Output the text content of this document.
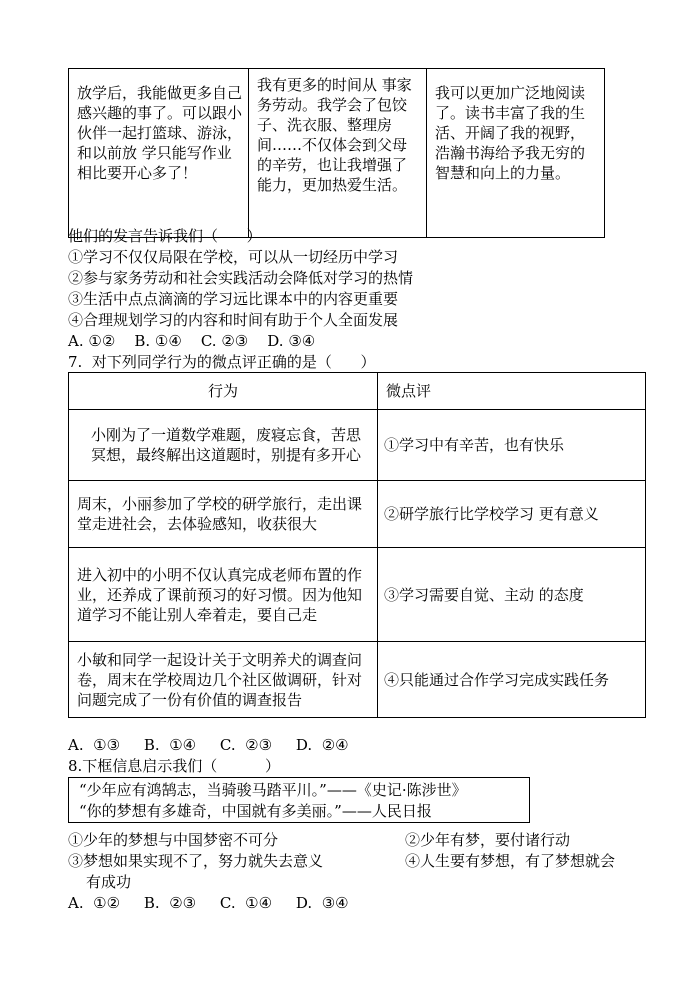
放学后，我能做更多自己感兴趣的事了。可以跟小伙伴一起打篮球、游泳，和以前放 学只能写作业相比要开心多了！	我有更多的时间从 事家务劳动。我学会了包饺子、洗衣服、整理房间……不仅体会到父母的辛劳，也让我增强了能力，更加热爱生活。	我可以更加广泛地阅读了。读书丰富了我的生活、开阔了我的视野，浩瀚书海给予我无穷的智慧和向上的力量。
他们的发言告诉我们（      ）
①学习不仅仅局限在学校，可以从一切经历中学习
②参与家务劳动和社会实践活动会降低对学习的热情
③生活中点点滴滴的学习远比课本中的内容更重要
④合理规划学习的内容和时间有助于个人全面发展
A. ①②    B. ①④    C. ②③    D. ③④
7.  对下列同学行为的微点评正确的是（      ）
行为	微点评
小刚为了一道数学难题，废寝忘食，苦思冥想，最终解出这道题时，别提有多开心	①学习中有辛苦，也有快乐
周末，小丽参加了学校的研学旅行，走出课堂走进社会，去体验感知，收获很大	②研学旅行比学校学习 更有意义
进入初中的小明不仅认真完成老师布置的作业，还养成了课前预习的好习惯。因为他知道学习不能让别人牵着走，要自己走	③学习需要自觉、主动 的态度
小敏和同学一起设计关于文明养犬的调查问卷，周末在学校周边几个社区做调研，针对问题完成了一份有价值的调查报告	④只能通过合作学习完成实践任务
A.  ①③     B.  ①④     C.  ②③     D.  ②④
8.下框信息启示我们（          ）
“少年应有鸿鹄志，当骑骏马踏平川。”——《史记·陈涉世》
“你的梦想有多雄奇，中国就有多美丽。”——人民日报
①少年的梦想与中国梦密不可分	②少年有梦，要付诸行动
③梦想如果实现不了，努力就失去意义	④人生要有梦想，有了梦想就会
有成功
A.  ①②     B.  ②③     C.  ①④     D.  ③④
